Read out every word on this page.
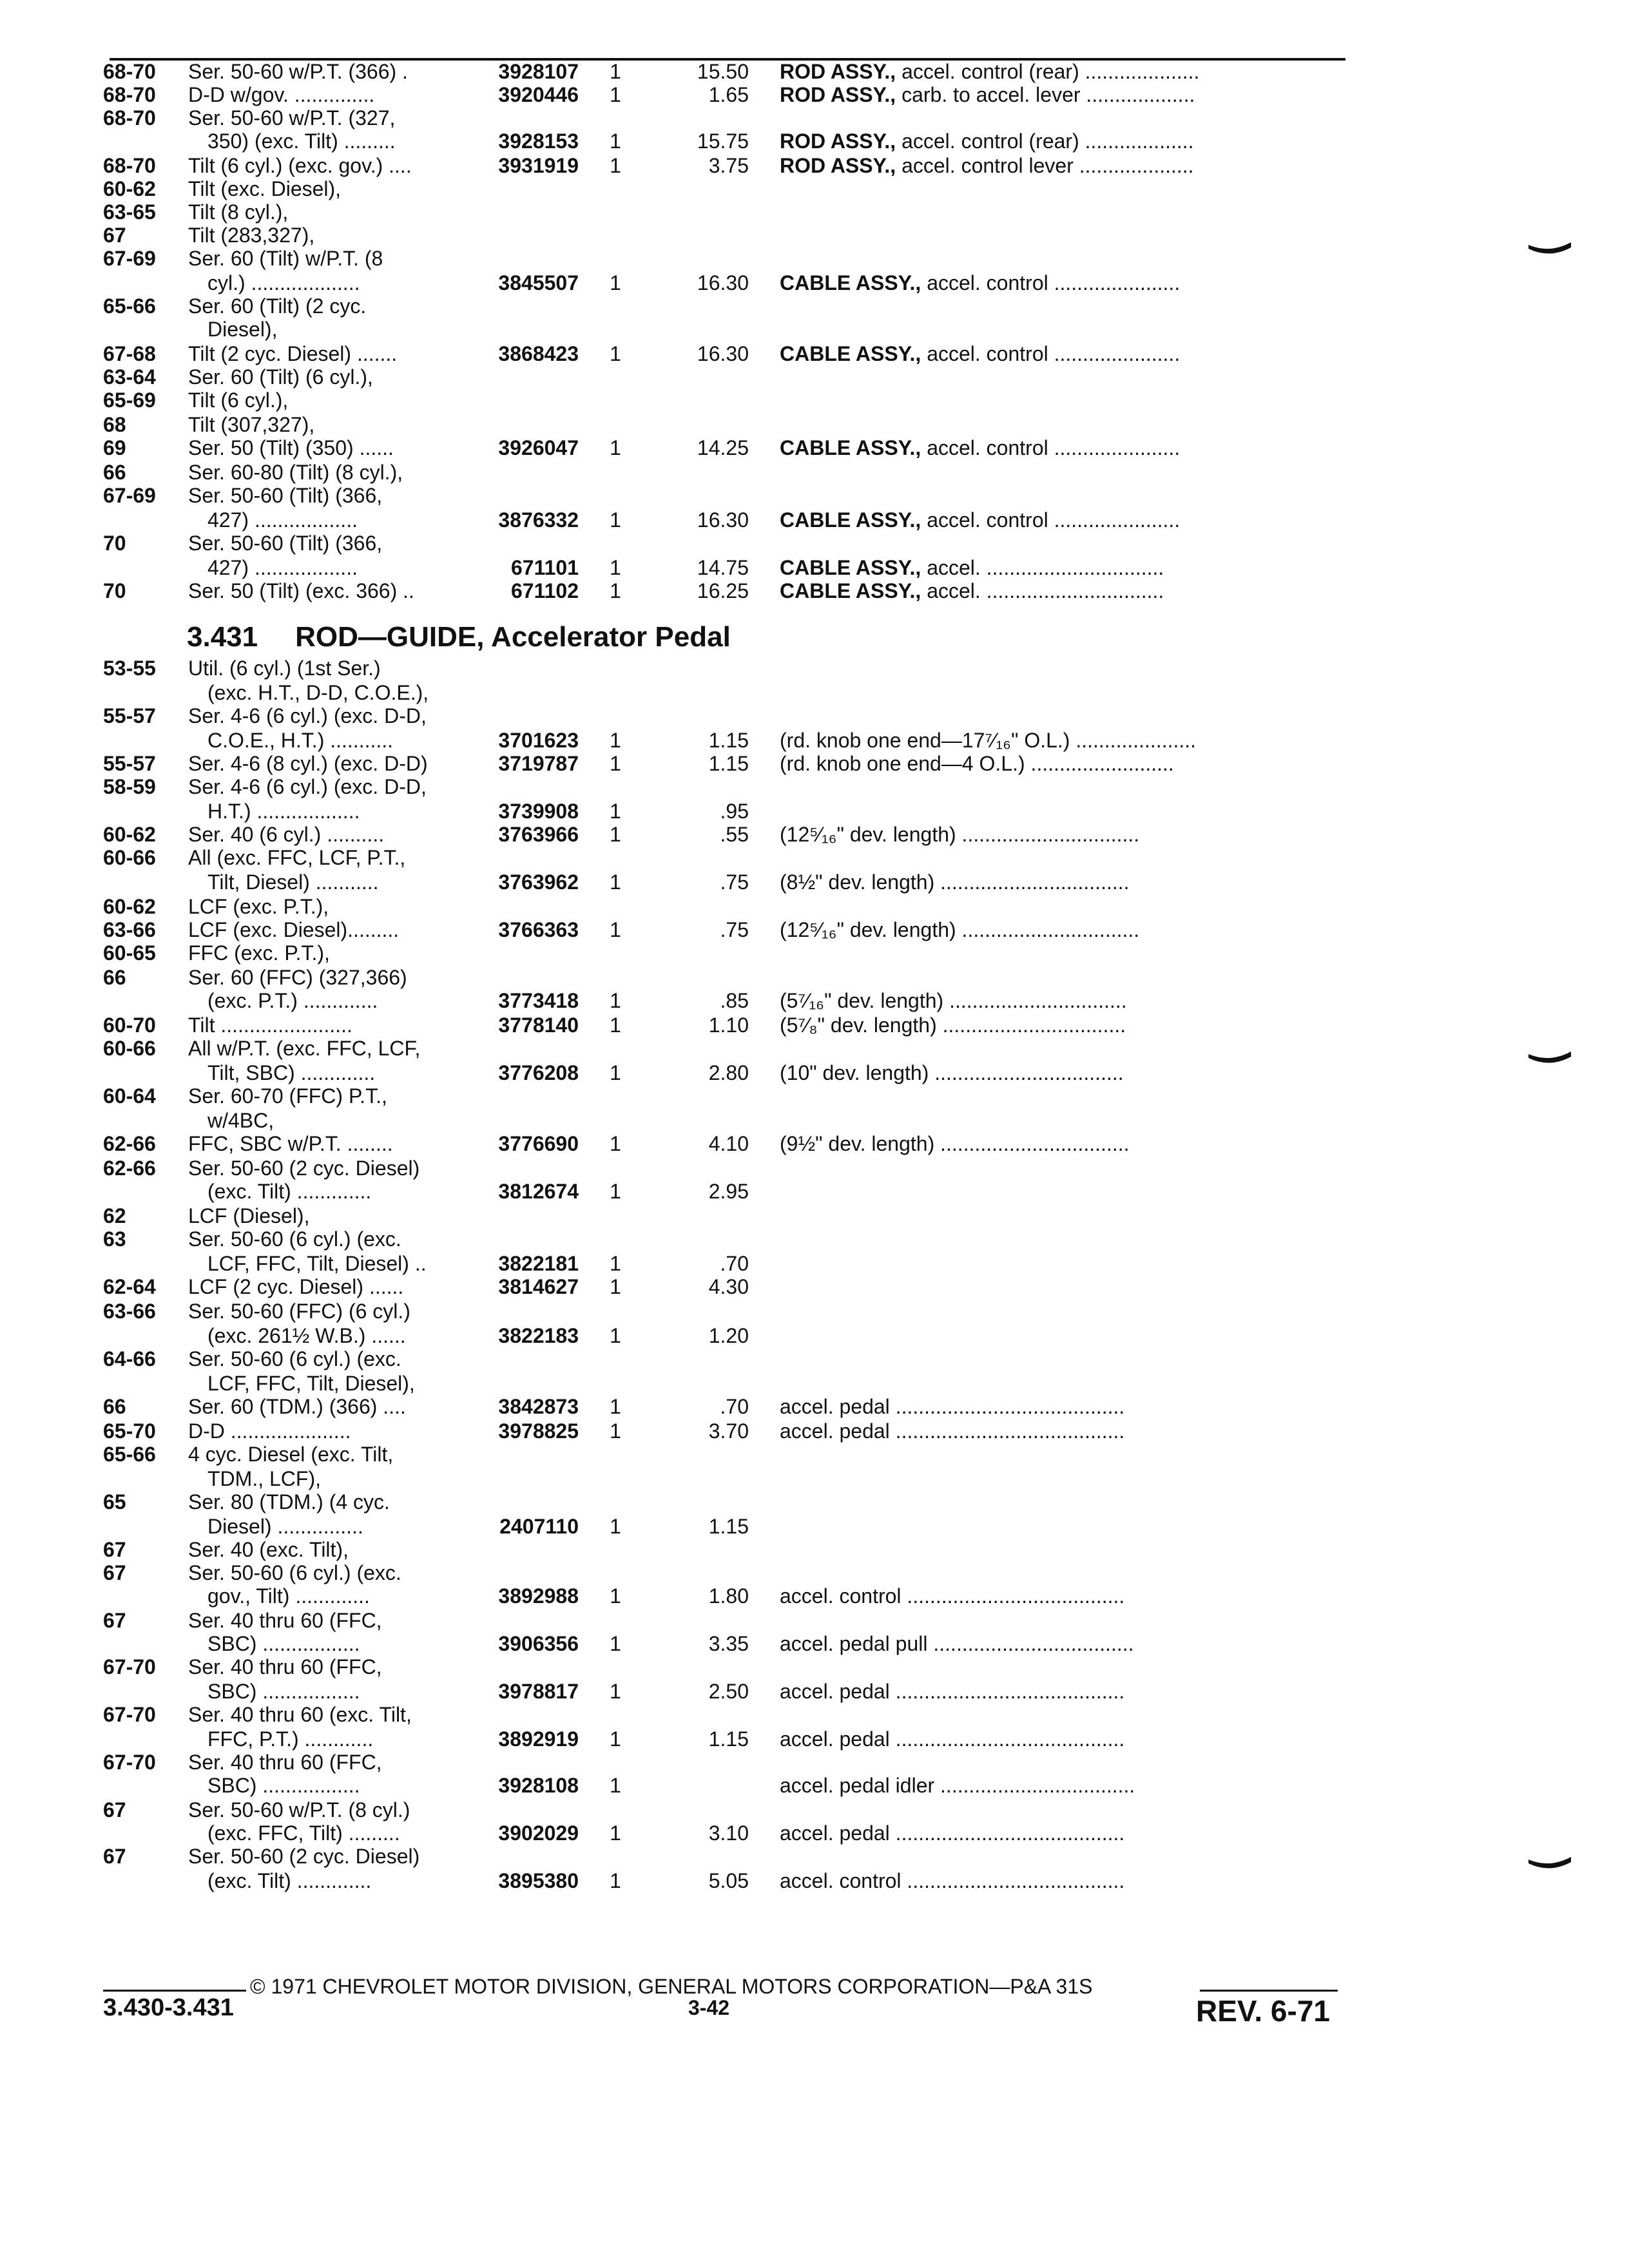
68-70	Ser. 50-60 w/P.T. (366) .	3928107 1	15.50 ROD ASSY., accel. control (rear) ....................
68-70	D-D w/gov. ..............	3920446 1	1.65 ROD ASSY., carb. to accel. lever ...................
68-70	Ser. 50-60 w/P.T. (327,
350) (exc. Tilt) .........	3928153 1	15.75 ROD ASSY., accel. control (rear) ...................
68-70	Tilt (6 cyl.) (exc. gov.) ....	3931919 1	3.75 ROD ASSY., accel. control lever ....................
60-62	Tilt (exc. Diesel),
63-65	Tilt (8 cyl.),
67	Tilt (283,327),
67-69	Ser. 60 (Tilt) w/P.T. (8
cyl.) ...................	3845507 1	16.30 CABLE ASSY., accel. control ......................
65-66	Ser. 60 (Tilt) (2 cyc.
Diesel),
67-68	Tilt (2 cyc. Diesel) .......	3868423 1	16.30 CABLE ASSY., accel. control ......................
63-64	Ser. 60 (Tilt) (6 cyl.),
65-69	Tilt (6 cyl.),
68	Tilt (307,327),
69	Ser. 50 (Tilt) (350) ......	3926047 1	14.25 CABLE ASSY., accel. control ......................
66	Ser. 60-80 (Tilt) (8 cyl.),
67-69	Ser. 50-60 (Tilt) (366,
427) ..................	3876332 1	16.30 CABLE ASSY., accel. control ......................
70	Ser. 50-60 (Tilt) (366,
427) ..................	671101 1	14.75 CABLE ASSY., accel. ...............................
70	Ser. 50 (Tilt) (exc. 366) ..	671102 1	16.25 CABLE ASSY., accel. ...............................
53-55	Util. (6 cyl.) (1st Ser.)
(exc. H.T., D-D, C.O.E.),
55-57	Ser. 4-6 (6 cyl.) (exc. D-D,
C.O.E., H.T.) ...........	3701623 1	1.15 (rd. knob one end—17⁷⁄₁₆" O.L.) .....................
55-57	Ser. 4-6 (8 cyl.) (exc. D-D)	3719787 1	1.15 (rd. knob one end—4 O.L.) .........................
58-59	Ser. 4-6 (6 cyl.) (exc. D-D,
H.T.) ..................	3739908 1	.95
60-62	Ser. 40 (6 cyl.) ..........	3763966 1	.55 (12⁵⁄₁₆" dev. length) ...............................
60-66	All (exc. FFC, LCF, P.T.,
Tilt, Diesel) ...........	3763962 1	.75 (8½" dev. length) .................................
60-62	LCF (exc. P.T.),
63-66	LCF (exc. Diesel).........	3766363 1	.75 (12⁵⁄₁₆" dev. length) ...............................
60-65	FFC (exc. P.T.),
66	Ser. 60 (FFC) (327,366)
(exc. P.T.) .............	3773418 1	.85 (5⁷⁄₁₆" dev. length) ...............................
60-70	Tilt .......................	3778140 1	1.10 (5⁷⁄₈" dev. length) ................................
60-66	All w/P.T. (exc. FFC, LCF,
Tilt, SBC) .............	3776208 1	2.80 (10" dev. length) .................................
60-64	Ser. 60-70 (FFC) P.T.,
w/4BC,
62-66	FFC, SBC w/P.T. ........	3776690 1	4.10 (9½" dev. length) .................................
62-66	Ser. 50-60 (2 cyc. Diesel)
(exc. Tilt) .............	3812674 1	2.95
62	LCF (Diesel),
63	Ser. 50-60 (6 cyl.) (exc.
LCF, FFC, Tilt, Diesel) ..	3822181 1	.70
62-64	LCF (2 cyc. Diesel) ......	3814627 1	4.30
63-66	Ser. 50-60 (FFC) (6 cyl.)
(exc. 261½ W.B.) ......	3822183 1	1.20
64-66	Ser. 50-60 (6 cyl.) (exc.
LCF, FFC, Tilt, Diesel),
66	Ser. 60 (TDM.) (366) ....	3842873 1	.70 accel. pedal ........................................
65-70	D-D .....................	3978825 1	3.70 accel. pedal ........................................
65-66	4 cyc. Diesel (exc. Tilt,
TDM., LCF),
65	Ser. 80 (TDM.) (4 cyc.
Diesel) ...............	2407110 1	1.15
67	Ser. 40 (exc. Tilt),
67	Ser. 50-60 (6 cyl.) (exc.
gov., Tilt) .............	3892988 1	1.80 accel. control ......................................
67	Ser. 40 thru 60 (FFC,
SBC) .................	3906356 1	3.35 accel. pedal pull ...................................
67-70	Ser. 40 thru 60 (FFC,
SBC) .................	3978817 1	2.50 accel. pedal ........................................
67-70	Ser. 40 thru 60 (exc. Tilt,
FFC, P.T.) ............	3892919 1	1.15 accel. pedal ........................................
67-70	Ser. 40 thru 60 (FFC,
SBC) .................	3928108 1	accel. pedal idler ..................................
67	Ser. 50-60 w/P.T. (8 cyl.)
(exc. FFC, Tilt) .........	3902029 1	3.10 accel. pedal ........................................
67	Ser. 50-60 (2 cyc. Diesel)
(exc. Tilt) .............	3895380 1	5.05 accel. control ......................................
3.431 ROD—GUIDE, Accelerator Pedal
© 1971 CHEVROLET MOTOR DIVISION, GENERAL MOTORS CORPORATION—P&A 31S
3.430-3.431	3-42	REV. 6-71
